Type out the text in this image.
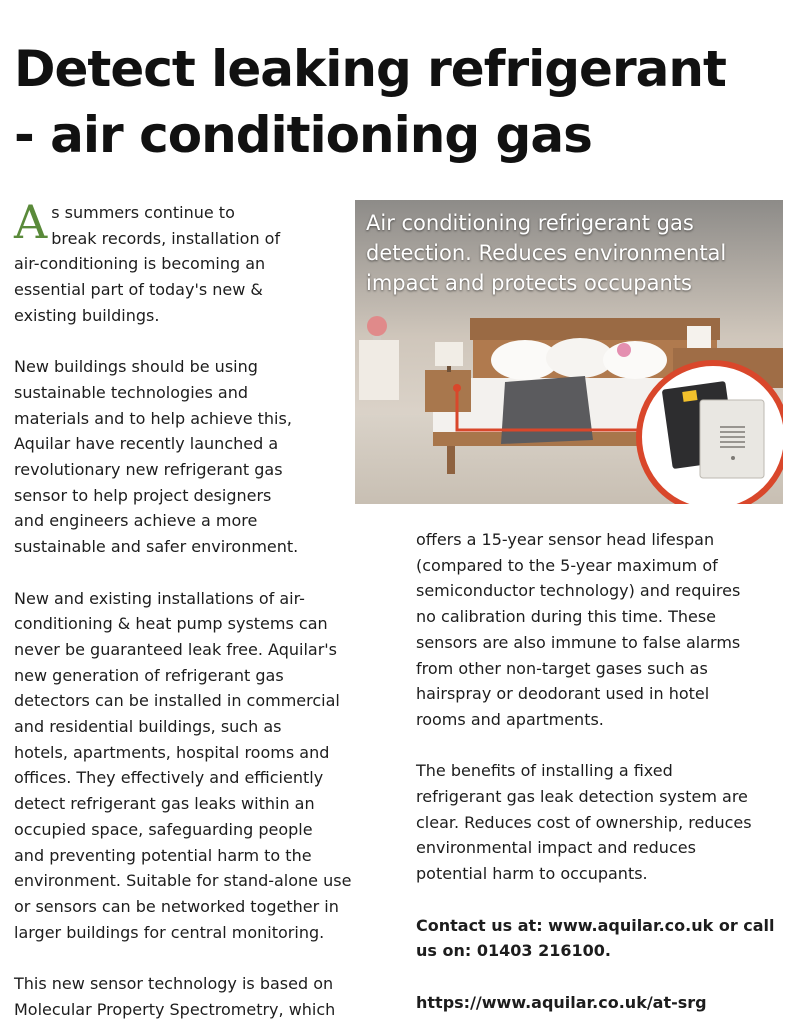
Detect leaking refrigerant
- air conditioning gas

As summers continue to
break records, installation of
air-conditioning is becoming an
essential part of today's new &
existing buildings.

New buildings should be using
sustainable technologies and
materials and to help achieve this,
Aquilar have recently launched a
revolutionary new refrigerant gas
sensor to help project designers
and engineers achieve a more
sustainable and safer environment.

New and existing installations of air-
conditioning & heat pump systems can
never be guaranteed leak free. Aquilar's
new generation of refrigerant gas
detectors can be installed in commercial
and residential buildings, such as
hotels, apartments, hospital rooms and
offices. They effectively and efficiently
detect refrigerant gas leaks within an
occupied space, safeguarding people
and preventing potential harm to the
environment. Suitable for stand-alone use
or sensors can be networked together in
larger buildings for central monitoring.

This new sensor technology is based on
Molecular Property Spectrometry, which

Air conditioning refrigerant gas
detection. Reduces environmental
impact and protects occupants

offers a 15-year sensor head lifespan
(compared to the 5-year maximum of
semiconductor technology) and requires
no calibration during this time. These
sensors are also immune to false alarms
from other non-target gases such as
hairspray or deodorant used in hotel
rooms and apartments.

The benefits of installing a fixed
refrigerant gas leak detection system are
clear. Reduces cost of ownership, reduces
environmental impact and reduces
potential harm to occupants.

Contact us at: www.aquilar.co.uk or call
us on: 01403 216100.

https://www.aquilar.co.uk/at-srg
